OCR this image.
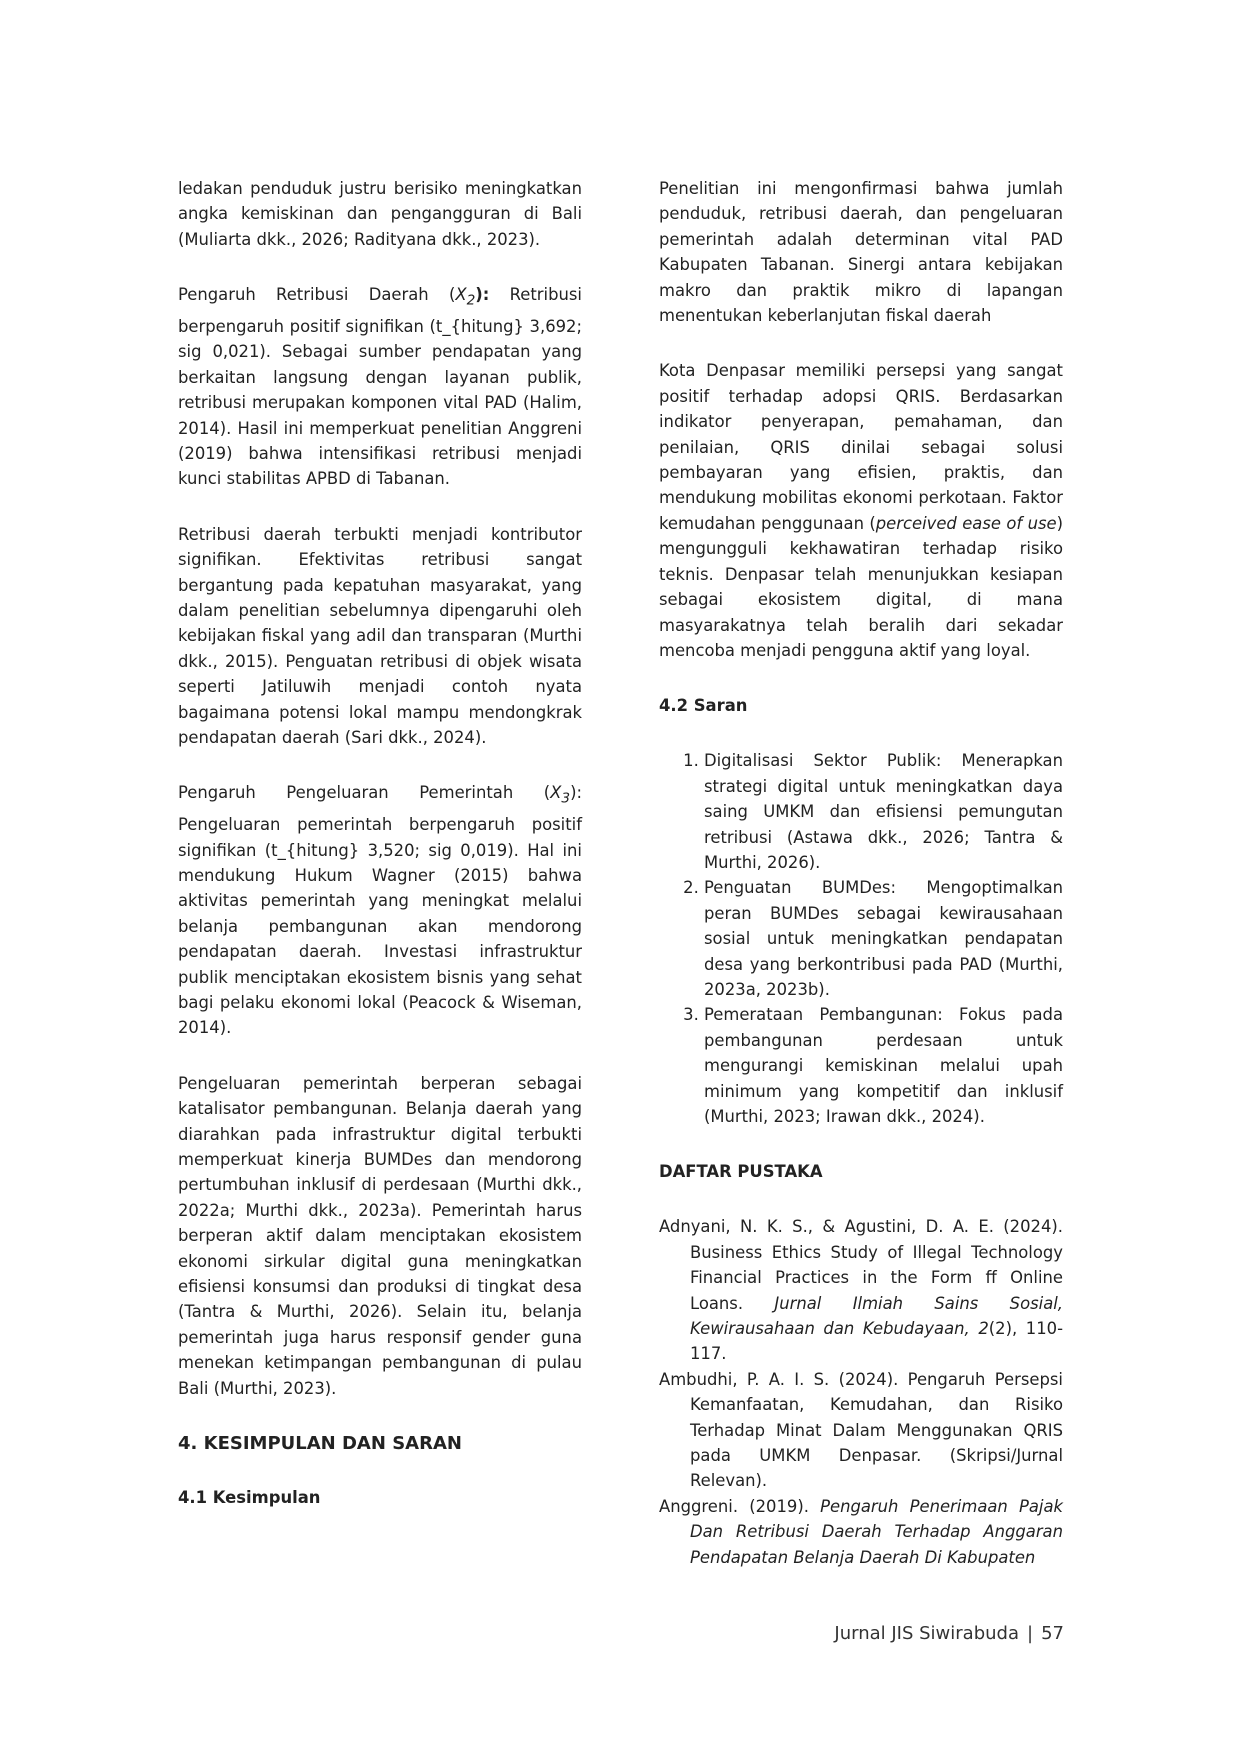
ledakan penduduk justru berisiko meningkatkan angka kemiskinan dan pengangguran di Bali (Muliarta dkk., 2026; Radityana dkk., 2023).

Pengaruh Retribusi Daerah $(X_2)$: Retribusi berpengaruh positif signifikan (t_{hitung} 3,692; sig 0,021). Sebagai sumber pendapatan yang berkaitan langsung dengan layanan publik, retribusi merupakan komponen vital PAD (Halim, 2014). Hasil ini memperkuat penelitian Anggreni (2019) bahwa intensifikasi retribusi menjadi kunci stabilitas APBD di Tabanan.

Retribusi daerah terbukti menjadi kontributor signifikan. Efektivitas retribusi sangat bergantung pada kepatuhan masyarakat, yang dalam penelitian sebelumnya dipengaruhi oleh kebijakan fiskal yang adil dan transparan (Murthi dkk., 2015). Penguatan retribusi di objek wisata seperti Jatiluwih menjadi contoh nyata bagaimana potensi lokal mampu mendongkrak pendapatan daerah (Sari dkk., 2024).

Pengaruh Pengeluaran Pemerintah $(X_3)$: Pengeluaran pemerintah berpengaruh positif signifikan (t_{hitung} 3,520; sig 0,019). Hal ini mendukung Hukum Wagner (2015) bahwa aktivitas pemerintah yang meningkat melalui belanja pembangunan akan mendorong pendapatan daerah. Investasi infrastruktur publik menciptakan ekosistem bisnis yang sehat bagi pelaku ekonomi lokal (Peacock & Wiseman, 2014).

Pengeluaran pemerintah berperan sebagai katalisator pembangunan. Belanja daerah yang diarahkan pada infrastruktur digital terbukti memperkuat kinerja BUMDes dan mendorong pertumbuhan inklusif di perdesaan (Murthi dkk., 2022a; Murthi dkk., 2023a). Pemerintah harus berperan aktif dalam menciptakan ekosistem ekonomi sirkular digital guna meningkatkan efisiensi konsumsi dan produksi di tingkat desa (Tantra & Murthi, 2026). Selain itu, belanja pemerintah juga harus responsif gender guna menekan ketimpangan pembangunan di pulau Bali (Murthi, 2023).

4. KESIMPULAN DAN SARAN
4.1 Kesimpulan

Penelitian ini mengonfirmasi bahwa jumlah penduduk, retribusi daerah, dan pengeluaran pemerintah adalah determinan vital PAD Kabupaten Tabanan. Sinergi antara kebijakan makro dan praktik mikro di lapangan menentukan keberlanjutan fiskal daerah

Kota Denpasar memiliki persepsi yang sangat positif terhadap adopsi QRIS. Berdasarkan indikator penyerapan, pemahaman, dan penilaian, QRIS dinilai sebagai solusi pembayaran yang efisien, praktis, dan mendukung mobilitas ekonomi perkotaan. Faktor kemudahan penggunaan (perceived ease of use) mengungguli kekhawatiran terhadap risiko teknis. Denpasar telah menunjukkan kesiapan sebagai ekosistem digital, di mana masyarakatnya telah beralih dari sekadar mencoba menjadi pengguna aktif yang loyal.

4.2 Saran
1. Digitalisasi Sektor Publik: Menerapkan strategi digital untuk meningkatkan daya saing UMKM dan efisiensi pemungutan retribusi (Astawa dkk., 2026; Tantra & Murthi, 2026).
2. Penguatan BUMDes: Mengoptimalkan peran BUMDes sebagai kewirausahaan sosial untuk meningkatkan pendapatan desa yang berkontribusi pada PAD (Murthi, 2023a, 2023b).
3. Pemerataan Pembangunan: Fokus pada pembangunan perdesaan untuk mengurangi kemiskinan melalui upah minimum yang kompetitif dan inklusif (Murthi, 2023; Irawan dkk., 2024).
DAFTAR PUSTAKA
Adnyani, N. K. S., & Agustini, D. A. E. (2024). Business Ethics Study of Illegal Technology Financial Practices in the Form ff Online Loans. Jurnal Ilmiah Sains Sosial, Kewirausahaan dan Kebudayaan, 2(2), 110-117.
Ambudhi, P. A. I. S. (2024). Pengaruh Persepsi Kemanfaatan, Kemudahan, dan Risiko Terhadap Minat Dalam Menggunakan QRIS pada UMKM Denpasar. (Skripsi/Jurnal Relevan).
Anggreni. (2019). Pengaruh Penerimaan Pajak Dan Retribusi Daerah Terhadap Anggaran Pendapatan Belanja Daerah Di Kabupaten
Jurnal JIS Siwirabuda | 57
